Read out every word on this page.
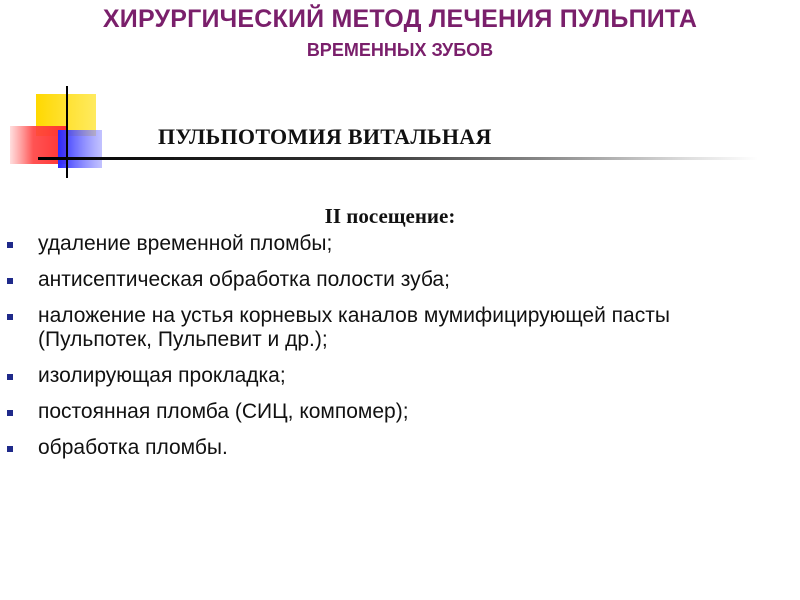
ХИРУРГИЧЕСКИЙ МЕТОД ЛЕЧЕНИЯ ПУЛЬПИТА
ВРЕМЕННЫХ ЗУБОВ
ПУЛЬПОТОМИЯ ВИТАЛЬНАЯ
II посещение:
удаление временной пломбы;
антисептическая обработка полости зуба;
наложение на устья корневых каналов мумифицирующей пасты (Пульпотек, Пульпевит и др.);
изолирующая прокладка;
постоянная пломба (СИЦ, компомер);
обработка пломбы.
